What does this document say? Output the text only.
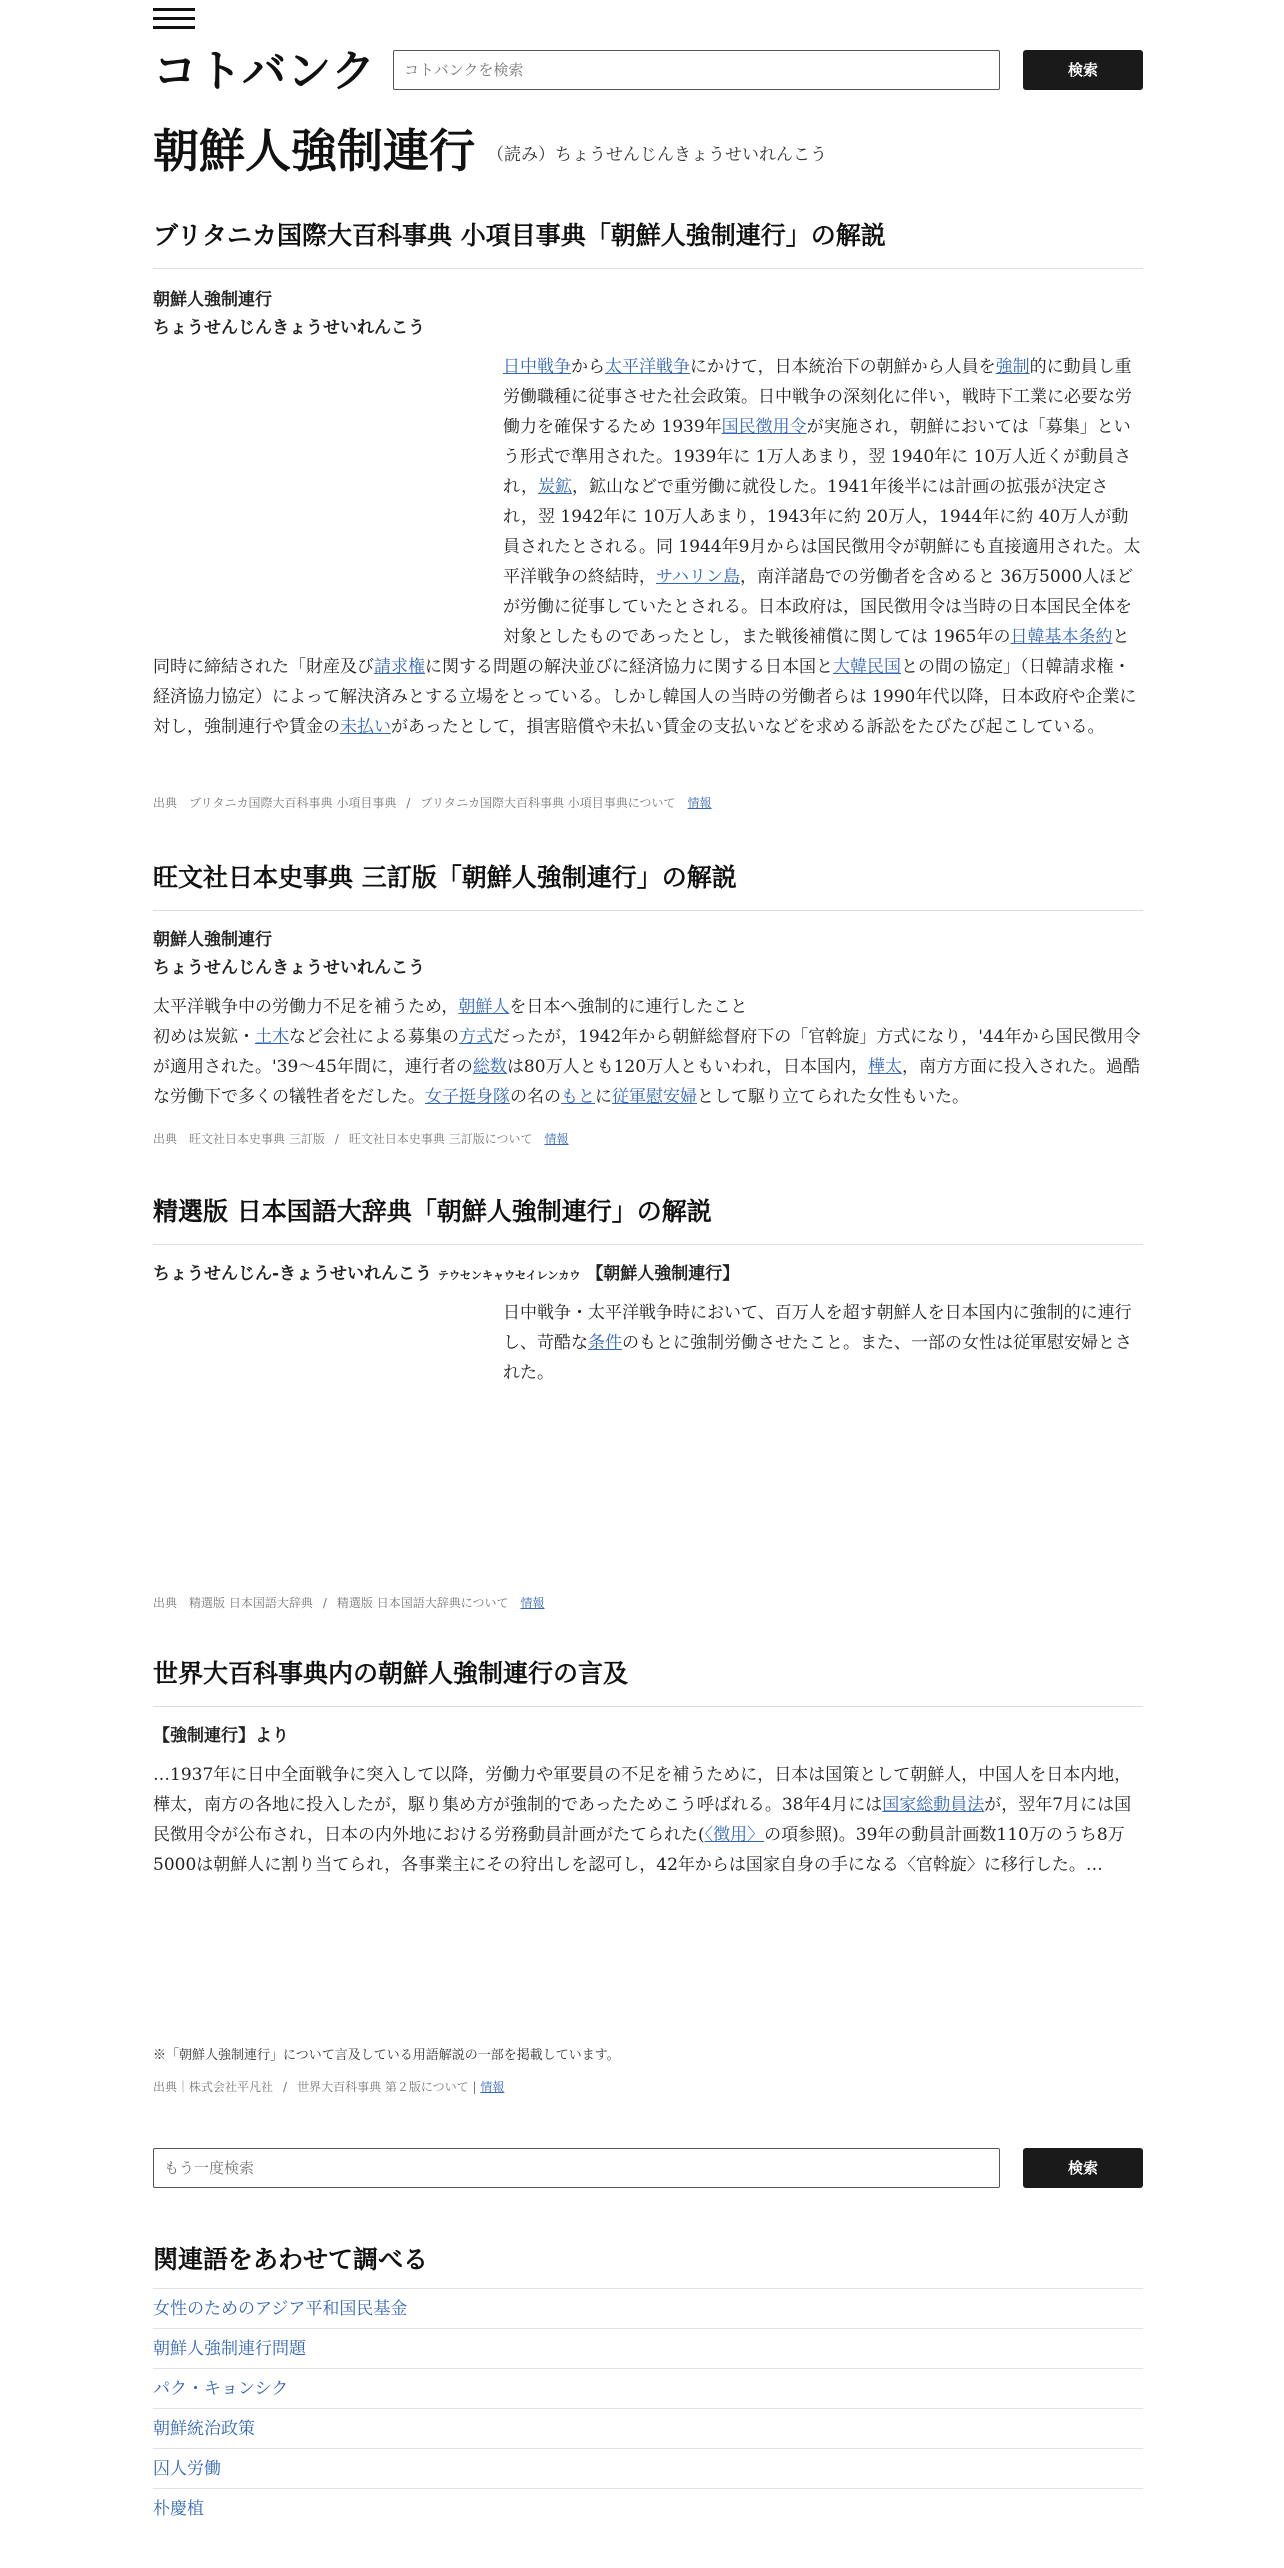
コトバンク	コトバンクを検索	検索
朝鮮人強制連行 （読み）ちょうせんじんきょうせいれんこう
ブリタニカ国際大百科事典 小項目事典「朝鮮人強制連行」の解説
朝鮮人強制連行
ちょうせんじんきょうせいれんこう
日中戦争から太平洋戦争にかけて，日本統治下の朝鮮から人員を強制的に動員し重労働職種に従事させた社会政策。日中戦争の深刻化に伴い，戦時下工業に必要な労働力を確保するため 1939年国民徴用令が実施され，朝鮮においては「募集」という形式で準用された。1939年に 1万人あまり，翌 1940年に 10万人近くが動員され，炭鉱，鉱山などで重労働に就役した。1941年後半には計画の拡張が決定され，翌 1942年に 10万人あまり，1943年に約 20万人，1944年に約 40万人が動員されたとされる。同 1944年9月からは国民徴用令が朝鮮にも直接適用された。太平洋戦争の終結時，サハリン島，南洋諸島での労働者を含めると 36万5000人ほどが労働に従事していたとされる。日本政府は，国民徴用令は当時の日本国民全体を対象としたものであったとし，また戦後補償に関しては 1965年の日韓基本条約と同時に締結された「財産及び請求権に関する問題の解決並びに経済協力に関する日本国と大韓民国との間の協定」（日韓請求権・経済協力協定）によって解決済みとする立場をとっている。しかし韓国人の当時の労働者らは 1990年代以降，日本政府や企業に対し，強制連行や賃金の未払いがあったとして，損害賠償や未払い賃金の支払いなどを求める訴訟をたびたび起こしている。
出典　 ブリタニカ国際大百科事典 小項目事典 / ブリタニカ国際大百科事典 小項目事典について　 情報
旺文社日本史事典 三訂版「朝鮮人強制連行」の解説
朝鮮人強制連行
ちょうせんじんきょうせいれんこう
太平洋戦争中の労働力不足を補うため，朝鮮人を日本へ強制的に連行したこと
初めは炭鉱・土木など会社による募集の方式だったが，1942年から朝鮮総督府下の「官斡旋」方式になり，'44年から国民徴用令が適用された。'39〜45年間に，連行者の総数は80万人とも120万人ともいわれ，日本国内，樺太，南方方面に投入された。過酷な労働下で多くの犠牲者をだした。女子挺身隊の名のもとに従軍慰安婦として駆り立てられた女性もいた。
出典　 旺文社日本史事典 三訂版 / 旺文社日本史事典 三訂版について　 情報
精選版 日本国語大辞典「朝鮮人強制連行」の解説
ちょうせんじん‐きょうせいれんこう テウセンキャウセイレンカウ 【朝鮮人強制連行】
日中戦争・太平洋戦争時において、百万人を超す朝鮮人を日本国内に強制的に連行し、苛酷な条件のもとに強制労働させたこと。また、一部の女性は従軍慰安婦とされた。
出典　 精選版 日本国語大辞典 / 精選版 日本国語大辞典について　 情報
世界大百科事典内の朝鮮人強制連行の言及
【強制連行】より
…1937年に日中全面戦争に突入して以降，労働力や軍要員の不足を補うために，日本は国策として朝鮮人，中国人を日本内地，樺太，南方の各地に投入したが，駆り集め方が強制的であったためこう呼ばれる。38年4月には国家総動員法が，翌年7月には国民徴用令が公布され，日本の内外地における労務動員計画がたてられた(〈徴用〉の項参照)。39年の動員計画数110万のうち8万5000は朝鮮人に割り当てられ，各事業主にその狩出しを認可し，42年からは国家自身の手になる〈官斡旋〉に移行した。…
※「朝鮮人強制連行」について言及している用語解説の一部を掲載しています。
出典｜株式会社平凡社 / 世界大百科事典 第２版について | 情報
もう一度検索	検索
関連語をあわせて調べる
女性のためのアジア平和国民基金
朝鮮人強制連行問題
パク・キョンシク
朝鮮統治政策
囚人労働
朴慶植
